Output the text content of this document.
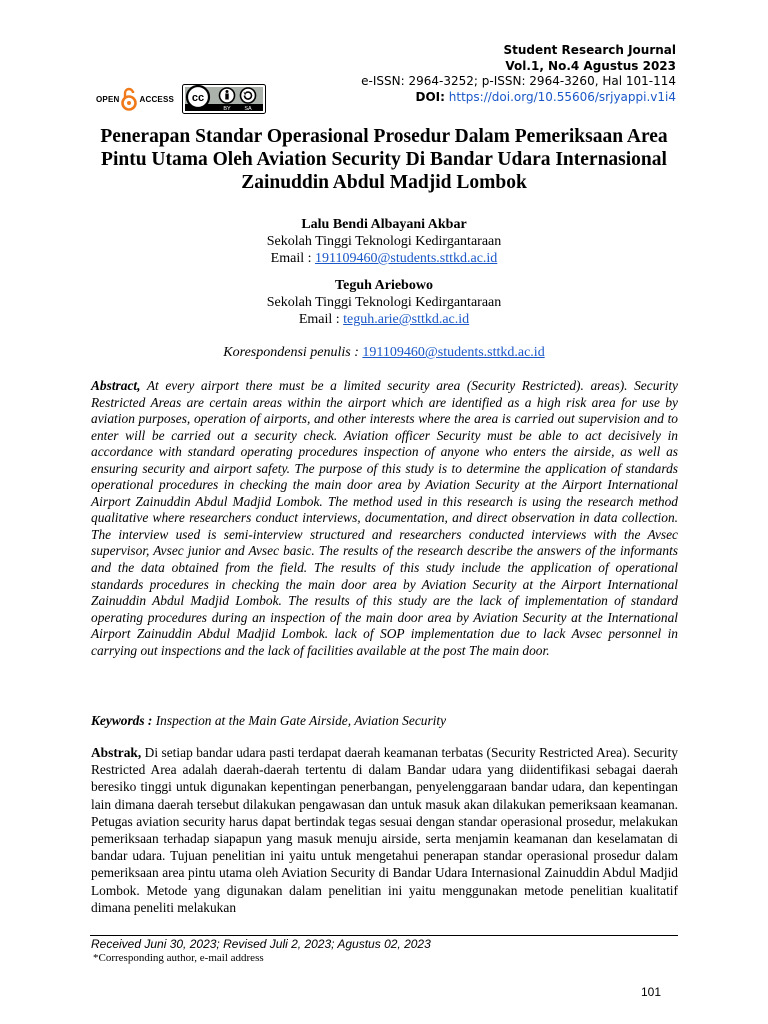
Student Research Journal
Vol.1, No.4 Agustus 2023
e-ISSN: 2964-3252; p-ISSN: 2964-3260, Hal 101-114
DOI: https://doi.org/10.55606/srjyappi.v1i4
OPEN	ACCESS cc
BY SA
Penerapan Standar Operasional Prosedur Dalam Pemeriksaan Area Pintu Utama Oleh Aviation Security Di Bandar Udara Internasional Zainuddin Abdul Madjid Lombok
Lalu Bendi Albayani Akbar
Sekolah Tinggi Teknologi Kedirgantaraan
Email : 191109460@students.sttkd.ac.id
Teguh Ariebowo
Sekolah Tinggi Teknologi Kedirgantaraan
Email : teguh.arie@sttkd.ac.id
Korespondensi penulis : 191109460@students.sttkd.ac.id

Abstract, At every airport there must be a limited security area (Security Restricted). areas). Security Restricted Areas are certain areas within the airport which are identified as a high risk area for use by aviation purposes, operation of airports, and other interests where the area is carried out supervision and to enter will be carried out a security check. Aviation officer Security must be able to act decisively in accordance with standard operating procedures inspection of anyone who enters the airside, as well as ensuring security and airport safety. The purpose of this study is to determine the application of standards operational procedures in checking the main door area by Aviation Security at the Airport International Airport Zainuddin Abdul Madjid Lombok. The method used in this research is using the research method qualitative where researchers conduct interviews, documentation, and direct observation in data collection. The interview used is semi-interview structured and researchers conducted interviews with the Avsec supervisor, Avsec junior and Avsec basic. The results of the research describe the answers of the informants and the data obtained from the field. The results of this study include the application of operational standards procedures in checking the main door area by Aviation Security at the Airport International Zainuddin Abdul Madjid Lombok. The results of this study are the lack of implementation of standard operating procedures during an inspection of the main door area by Aviation Security at the International Airport Zainuddin Abdul Madjid Lombok. lack of SOP implementation due to lack Avsec personnel in carrying out inspections and the lack of facilities available at the post The main door.

Keywords : Inspection at the Main Gate Airside, Aviation Security

Abstrak, Di setiap bandar udara pasti terdapat daerah keamanan terbatas (Security Restricted Area). Security Restricted Area adalah daerah-daerah tertentu di dalam Bandar udara yang diidentifikasi sebagai daerah beresiko tinggi untuk digunakan kepentingan penerbangan, penyelenggaraan bandar udara, dan kepentingan lain dimana daerah tersebut dilakukan pengawasan dan untuk masuk akan dilakukan pemeriksaan keamanan. Petugas aviation security harus dapat bertindak tegas sesuai dengan standar operasional prosedur, melakukan pemeriksaan terhadap siapapun yang masuk menuju airside, serta menjamin keamanan dan keselamatan di bandar udara. Tujuan penelitian ini yaitu untuk mengetahui penerapan standar operasional prosedur dalam pemeriksaan area pintu utama oleh Aviation Security di Bandar Udara Internasional Zainuddin Abdul Madjid Lombok. Metode yang digunakan dalam penelitian ini yaitu menggunakan metode penelitian kualitatif dimana peneliti melakukan

Received Juni 30, 2023; Revised Juli 2, 2023; Agustus 02, 2023
*Corresponding author, e-mail address
101
